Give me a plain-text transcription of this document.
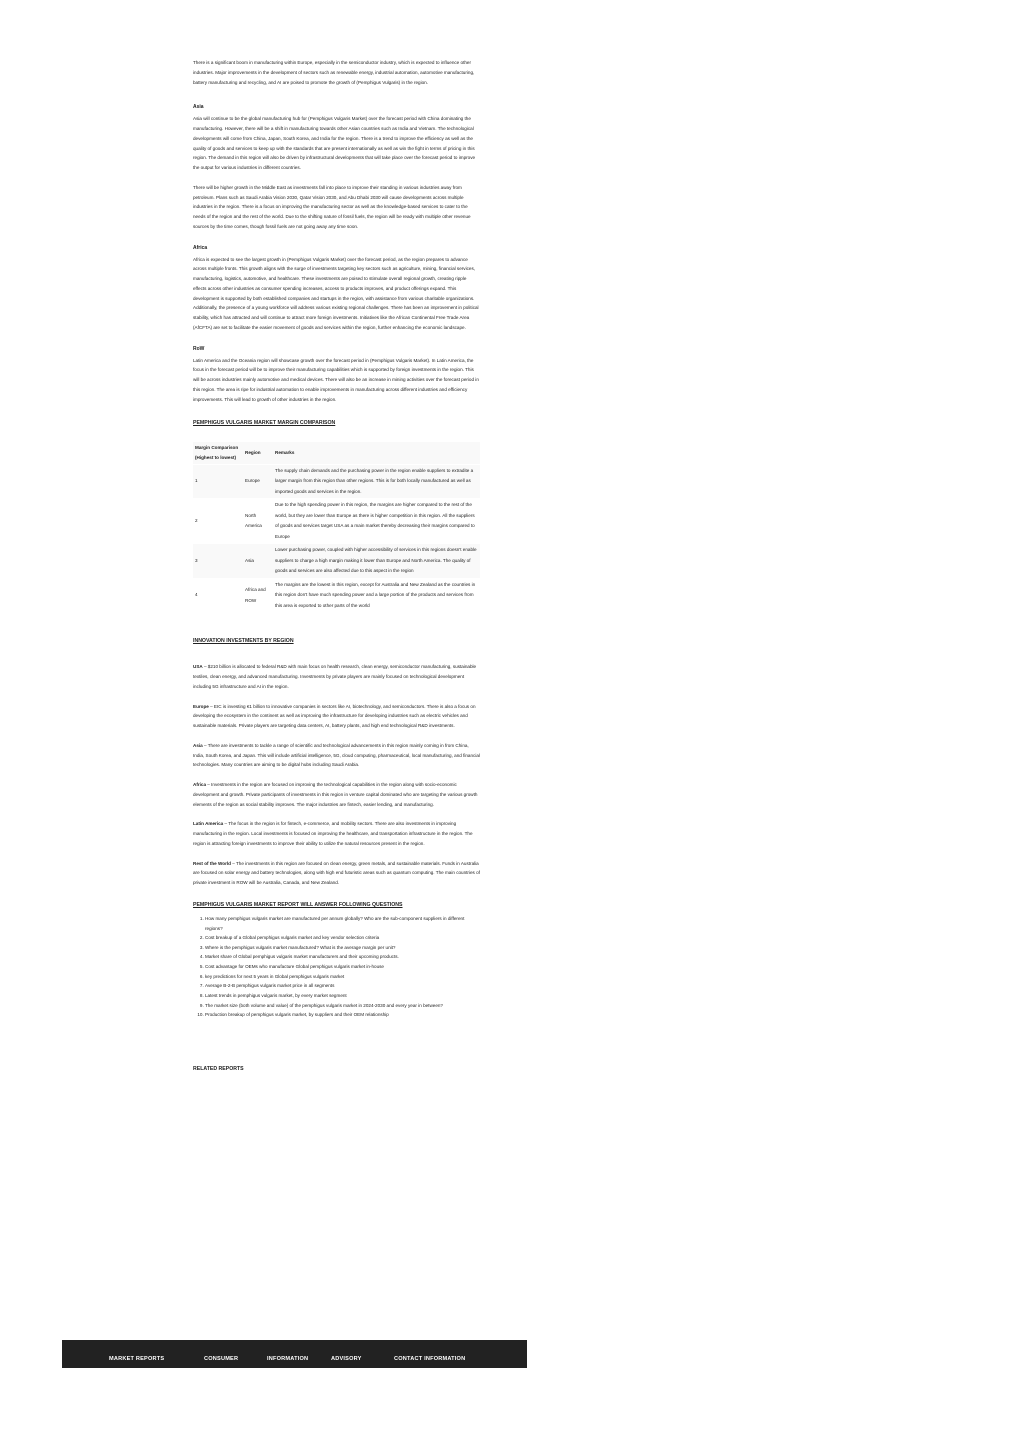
There is a significant boom in manufacturing within Europe, especially in the semiconductor industry, which is expected to influence other industries. Major improvements in the development of sectors such as renewable energy, industrial automation, automotive manufacturing, battery manufacturing and recycling, and AI are poised to promote the growth of (Pemphigus Vulgaris) in the region.

Asia

Asia will continue to be the global manufacturing hub for (Pemphigus Vulgaris Market) over the forecast period with China dominating the manufacturing. However, there will be a shift in manufacturing towards other Asian countries such as India and Vietnam. The technological developments will come from China, Japan, South Korea, and India for the region. There is a trend to improve the efficiency as well as the quality of goods and services to keep up with the standards that are present internationally as well as win the fight in terms of pricing in this region. The demand in this region will also be driven by infrastructural developments that will take place over the forecast period to improve the output for various industries in different countries.

There will be higher growth in the Middle East as investments fall into place to improve their standing in various industries away from petroleum. Plans such as Saudi Arabia Vision 2030, Qatar Vision 2030, and Abu Dhabi 2030 will cause developments across multiple industries in the region. There is a focus on improving the manufacturing sector as well as the knowledge-based services to cater to the needs of the region and the rest of the world. Due to the shifting nature of fossil fuels, the region will be ready with multiple other revenue sources by the time comes, though fossil fuels are not going away any time soon.

Africa

Africa is expected to see the largest growth in (Pemphigus Vulgaris Market) over the forecast period, as the region prepares to advance across multiple fronts. This growth aligns with the surge of investments targeting key sectors such as agriculture, mining, financial services, manufacturing, logistics, automotive, and healthcare. These investments are poised to stimulate overall regional growth, creating ripple effects across other industries as consumer spending increases, access to products improves, and product offerings expand. This development is supported by both established companies and startups in the region, with assistance from various charitable organizations. Additionally, the presence of a young workforce will address various existing regional challenges. There has been an improvement in political stability, which has attracted and will continue to attract more foreign investments. Initiatives like the African Continental Free Trade Area (AfCFTA) are set to facilitate the easier movement of goods and services within the region, further enhancing the economic landscape.

RoW

Latin America and the Oceania region will showcase growth over the forecast period in (Pemphigus Vulgaris Market). In Latin America, the focus in the forecast period will be to improve their manufacturing capabilities which is supported by foreign investments in the region. This will be across industries mainly automotive and medical devices. There will also be an increase in mining activities over the forecast period in this region. The area is ripe for industrial automation to enable improvements in manufacturing across different industries and efficiency improvements. This will lead to growth of other industries in the region.

PEMPHIGUS VULGARIS MARKET MARGIN COMPARISON
Margin Comparison (Highest to lowest)	Region	Remarks
1	Europe	The supply chain demands and the purchasing power in the region enable suppliers to extradite a larger margin from this region than other regions. This is for both locally manufactured as well as imported goods and services in the region.
2	North America	Due to the high spending power in this region, the margins are higher compared to the rest of the world, but they are lower than Europe as there is higher competition in this region. All the suppliers of goods and services target USA as a main market thereby decreasing their margins compared to Europe
3	Asia	Lower purchasing power, coupled with higher accessibility of services in this regions doesn't enable suppliers to charge a high margin making it lower than Europe and North America. The quality of goods and services are also affected due to this aspect in the region
4	Africa and ROW	The margins are the lowest in this region, except for Australia and New Zealand as the countries in this region don't have much spending power and a large portion of the products and services from this area is exported to other parts of the world
INNOVATION INVESTMENTS BY REGION

USA – $210 billion is allocated to federal R&D with main focus on health research, clean energy, semiconductor manufacturing, sustainable textiles, clean energy, and advanced manufacturing. Investments by private players are mainly focused on technological development including 5G infrastructure and AI in the region.

Europe – EIC is investing €1 billion to innovative companies in sectors like AI, biotechnology, and semiconductors. There is also a focus on developing the ecosystem in the continent as well as improving the infrastructure for developing industries such as electric vehicles and sustainable materials. Private players are targeting data centers, AI, battery plants, and high end technological R&D investments.

Asia – There are investments to tackle a range of scientific and technological advancements in this region mainly coming in from China, India, South Korea, and Japan. This will include artificial intelligence, 5G, cloud computing, pharmaceutical, local manufacturing, and financial technologies. Many countries are aiming to be digital hubs including Saudi Arabia.

Africa – Investments in the region are focused on improving the technological capabilities in the region along with socio-economic development and growth. Private participants of investments in this region in venture capital dominated who are targeting the various growth elements of the region as social stability improves. The major industries are fintech, easier lending, and manufacturing.

Latin America – The focus in the region is for fintech, e-commerce, and mobility sectors. There are also investments in improving manufacturing in the region. Local investments is focused on improving the healthcare, and transportation infrastructure in the region. The region is attracting foreign investments to improve their ability to utilize the natural resources present in the region.

Rest of the World – The investments in this region are focused on clean energy, green metals, and sustainable materials. Funds in Australia are focused on solar energy and battery technologies, along with high end futuristic areas such as quantum computing. The main countries of private investment in ROW will be Australia, Canada, and New Zealand.

PEMPHIGUS VULGARIS MARKET REPORT WILL ANSWER FOLLOWING QUESTIONS
1. How many pemphigus vulgaris market are manufactured per annum globally? Who are the sub-component suppliers in different regions?
2. Cost breakup of a Global pemphigus vulgaris market and key vendor selection criteria
3. Where is the pemphigus vulgaris market manufactured? What is the average margin per unit?
4. Market share of Global pemphigus vulgaris market manufacturers and their upcoming products.
5. Cost advantage for OEMs who manufacture Global pemphigus vulgaris market in-house
6. key predictions for next 5 years in Global pemphigus vulgaris market
7. Average B-2-B pemphigus vulgaris market price in all segments
8. Latest trends in pemphigus vulgaris market, by every market segment
9. The market size (both volume and value) of the pemphigus vulgaris market in 2024-2030 and every year in between?
10. Production breakup of pemphigus vulgaris market, by suppliers and their OEM relationship
RELATED REPORTS
MARKET REPORTS	CONSUMER	INFORMATION	ADVISORY	CONTACT INFORMATION
